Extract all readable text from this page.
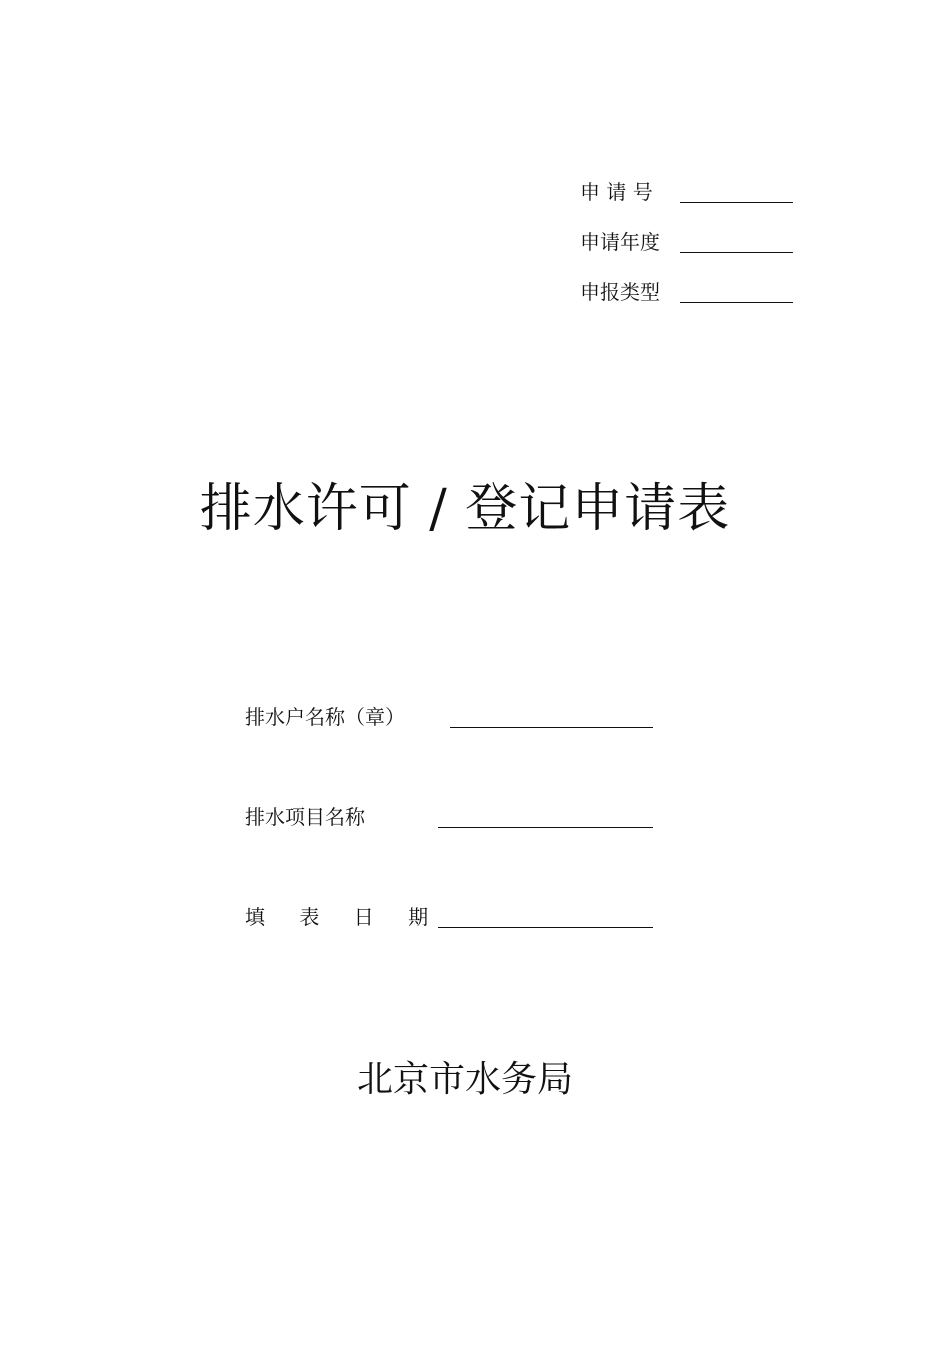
申 请 号
申请年度
申报类型
排水许可 / 登记申请表
排水户名称（章）
排水项目名称
填 表 日 期
北京市水务局
